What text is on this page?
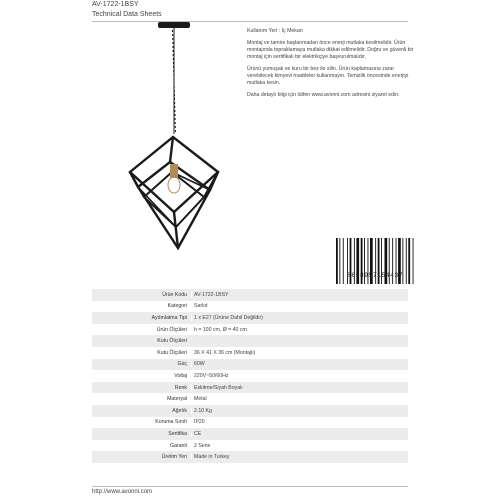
AV-1722-1BSY
Technical Data Sheets

Kullanım Yeri : İç Mekan

Montaj ve tamire başlanmadan önce enerji mutlaka kesilmelidir. Ürün montajında topraklamaya mutlaka dikkat edilmelidir. Doğru ve güvenli bir montaj için sertifikalı bir elektrikçiye başvurulmalıdır.

Ürünü yumuşak ve kuru bir bez ile silin. Ürün kaplamasına zarar verebilecek kimyevi maddeler kullanmayın. Temizlik öncesinde enerjiyi mutlaka kesin.

Daha detaylı bilgi için lütfen www.avonni.com adresini ziyaret edin.

8698957154437
Ürün Kodu	AV-1722-1BSY
Kategori	Sarkıt
Aydınlatma Tipi	1 x E27 (Ürüne Dahil Değildir)
Ürün Ölçüleri	h = 100 cm, Ø = 40 cm
Kutu Ölçüleri
Kutu Ölçüleri	36 X 41 X 36 cm (Montajlı)
Güç	60W
Voltaj	220V~50/60Hz
Renk	Eskitme/Siyah Boyalı
Materyal	Metal
Ağırlık	2.10 Kg
Koruma Sınıfı	IP20
Sertifika	CE
Garanti	2 Sene
Üretim Yeri	Made in Turkey
http://www.avonni.com
